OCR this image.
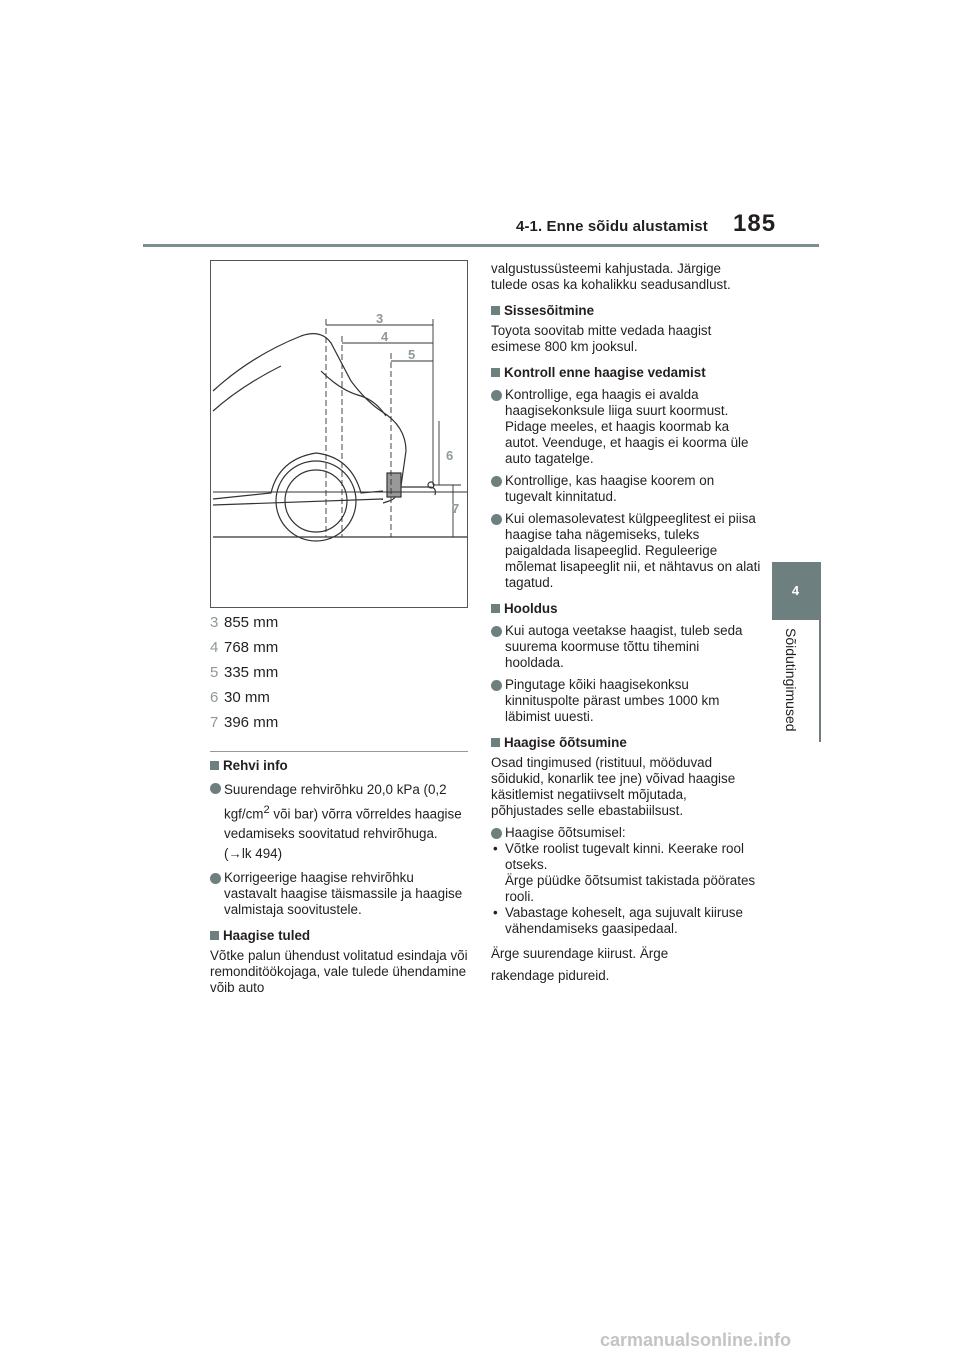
4-1. Enne sõidu alustamist 185
4
Sõidutingimused
3
4
5
6
7
3 855 mm
4 768 mm
5 335 mm
6 30 mm
7 396 mm

Rehvi info

Suurendage rehvirõhku 20,0 kPa (0,2 kgf/$cm^2$ või bar) võrra võrreldes haagise vedamiseks soovitatud rehvirõhuga. (→lk 494)
Korrigeerige haagise rehvirõhku vastavalt haagise täismassile ja haagise valmistaja soovitustele.

Haagise tuled

Võtke palun ühendust volitatud esindaja või remonditöökojaga, vale tulede ühendamine võib auto

valgustussüsteemi kahjustada. Järgige tulede osas ka kohalikku seadusandlust.

Sissesõitmine

Toyota soovitab mitte vedada haagist esimese 800 km jooksul.

Kontroll enne haagise vedamist

Kontrollige, ega haagis ei avalda haagisekonksule liiga suurt koormust. Pidage meeles, et haagis koormab ka autot. Veenduge, et haagis ei koorma üle auto tagatelge.
Kontrollige, kas haagise koorem on tugevalt kinnitatud.
Kui olemasolevatest külgpeeglitest ei piisa haagise taha nägemiseks, tuleks paigaldada lisapeeglid. Reguleerige mõlemat lisapeeglit nii, et nähtavus on alati tagatud.

Hooldus

Kui autoga veetakse haagist, tuleb seda suurema koormuse tõttu tihemini hooldada.
Pingutage kõiki haagisekonksu kinnituspolte pärast umbes 1000 km läbimist uuesti.

Haagise õõtsumine

Osad tingimused (ristituul, mööduvad sõidukid, konarlik tee jne) võivad haagise käsitlemist negatiivselt mõjutada, põhjustades selle ebastabiilsust.

Haagise õõtsumisel:
• Võtke roolist tugevalt kinni. Keerake rool otseks.
Ärge püüdke õõtsumist takistada pöörates rooli.
• Vabastage koheselt, aga sujuvalt kiiruse vähendamiseks gaasipedaal.

Ärge suurendage kiirust. Ärge
rakendage pidureid.

carmanualsonline.info
